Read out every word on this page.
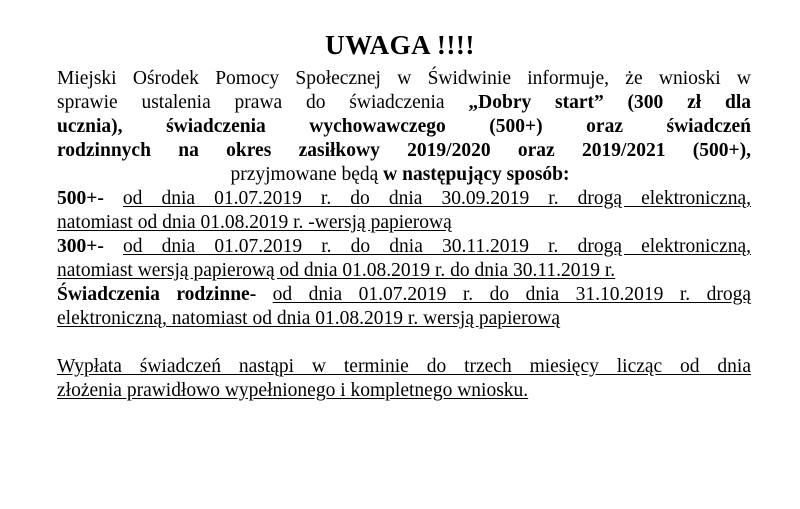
UWAGA !!!!
Miejski Ośrodek Pomocy Społecznej w Świdwinie informuje, że wnioski w
sprawie ustalenia prawa do świadczenia „Dobry start” (300 zł dla
ucznia), świadczenia wychowawczego (500+) oraz świadczeń
rodzinnych na okres zasiłkowy 2019/2020 oraz 2019/2021 (500+),
przyjmowane będą w następujący sposób:
500+- od dnia 01.07.2019 r. do dnia 30.09.2019 r. drogą elektroniczną,
natomiast od dnia 01.08.2019 r. -wersją papierową
300+- od dnia 01.07.2019 r. do dnia 30.11.2019 r. drogą elektroniczną,
natomiast wersją papierową od dnia 01.08.2019 r. do dnia 30.11.2019 r.
Świadczenia rodzinne- od dnia 01.07.2019 r. do dnia 31.10.2019 r. drogą
elektroniczną, natomiast od dnia 01.08.2019 r. wersją papierową
Wypłata świadczeń nastąpi w terminie do trzech miesięcy licząc od dnia
złożenia prawidłowo wypełnionego i kompletnego wniosku.
